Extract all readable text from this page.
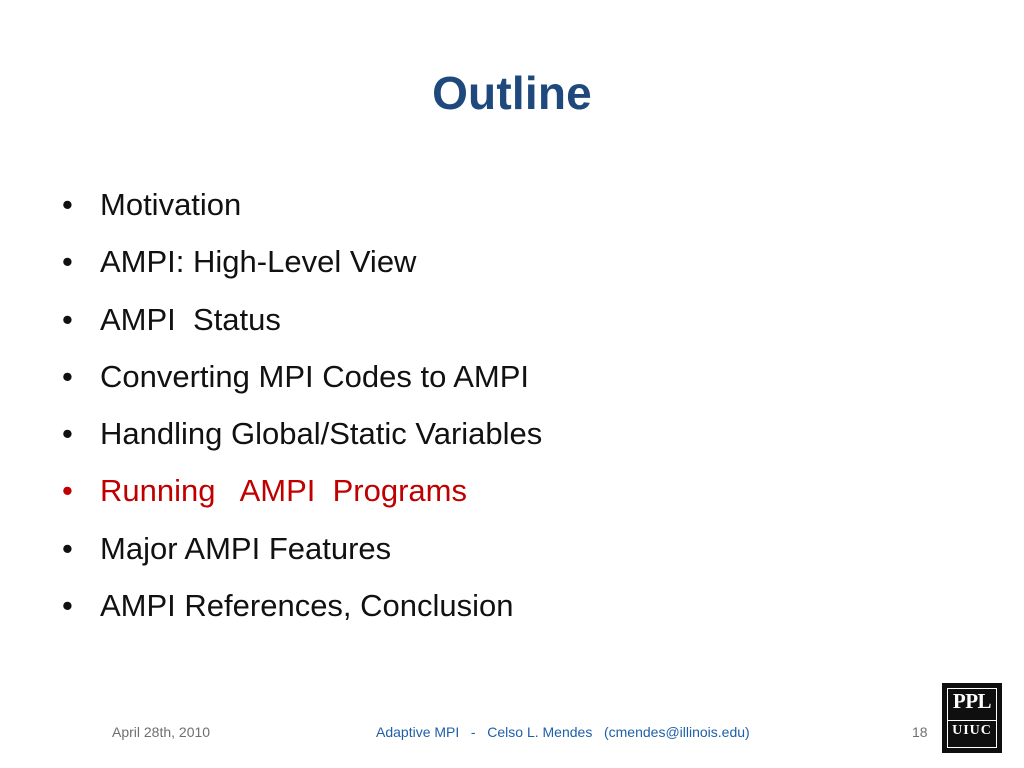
Outline

•

Motivation

•

AMPI: High-Level View

•

AMPI  Status

•

Converting MPI Codes to AMPI

•

Handling Global/Static Variables

•

Running   AMPI  Programs

•

Major AMPI Features

•

AMPI References, Conclusion

April 28th, 2010	Adaptive MPI   -   Celso L. Mendes   (cmendes@illinois.edu)	18
PPL
UIUC
